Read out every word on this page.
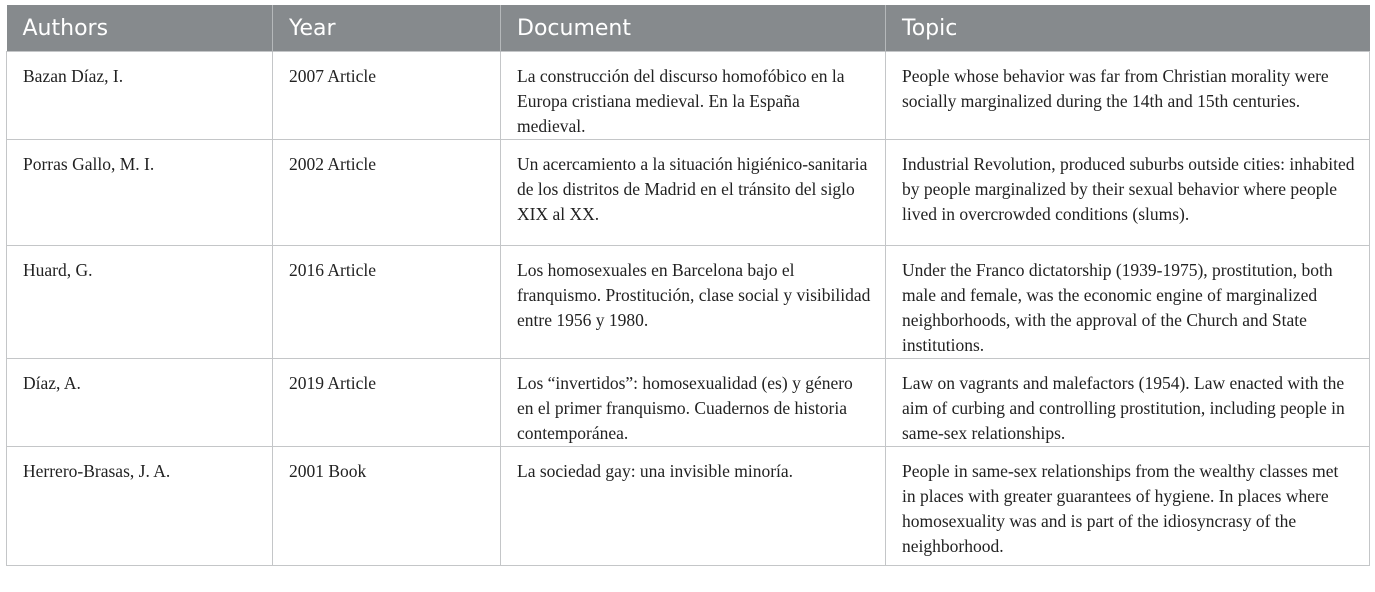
Authors	Year	Document	Topic
Bazan Díaz, I.	2007 Article	La construcción del discurso homofóbico en la Europa cristiana medieval. En la España medieval.	People whose behavior was far from Christian morality were socially marginalized during the 14th and 15th centuries.
Porras Gallo, M. I.	2002 Article	Un acercamiento a la situación higiénico-sanitaria de los distritos de Madrid en el tránsito del siglo XIX al XX.	Industrial Revolution, produced suburbs outside cities: inhabited by people marginalized by their sexual behavior where people lived in overcrowded conditions (slums).
Huard, G.	2016 Article	Los homosexuales en Barcelona bajo el franquismo. Prostitución, clase social y visibilidad entre 1956 y 1980.	Under the Franco dictatorship (1939-1975), prostitution, both male and female, was the economic engine of marginalized neighborhoods, with the approval of the Church and State institutions.
Díaz, A.	2019 Article	Los “invertidos”: homosexualidad (es) y género en el primer franquismo. Cuadernos de historia contemporánea.	Law on vagrants and malefactors (1954). Law enacted with the aim of curbing and controlling prostitution, including people in same-sex relationships.
Herrero-Brasas, J. A.	2001 Book	La sociedad gay: una invisible minoría.	People in same-sex relationships from the wealthy classes met in places with greater guarantees of hygiene. In places where homosexuality was and is part of the idiosyncrasy of the neighborhood.
